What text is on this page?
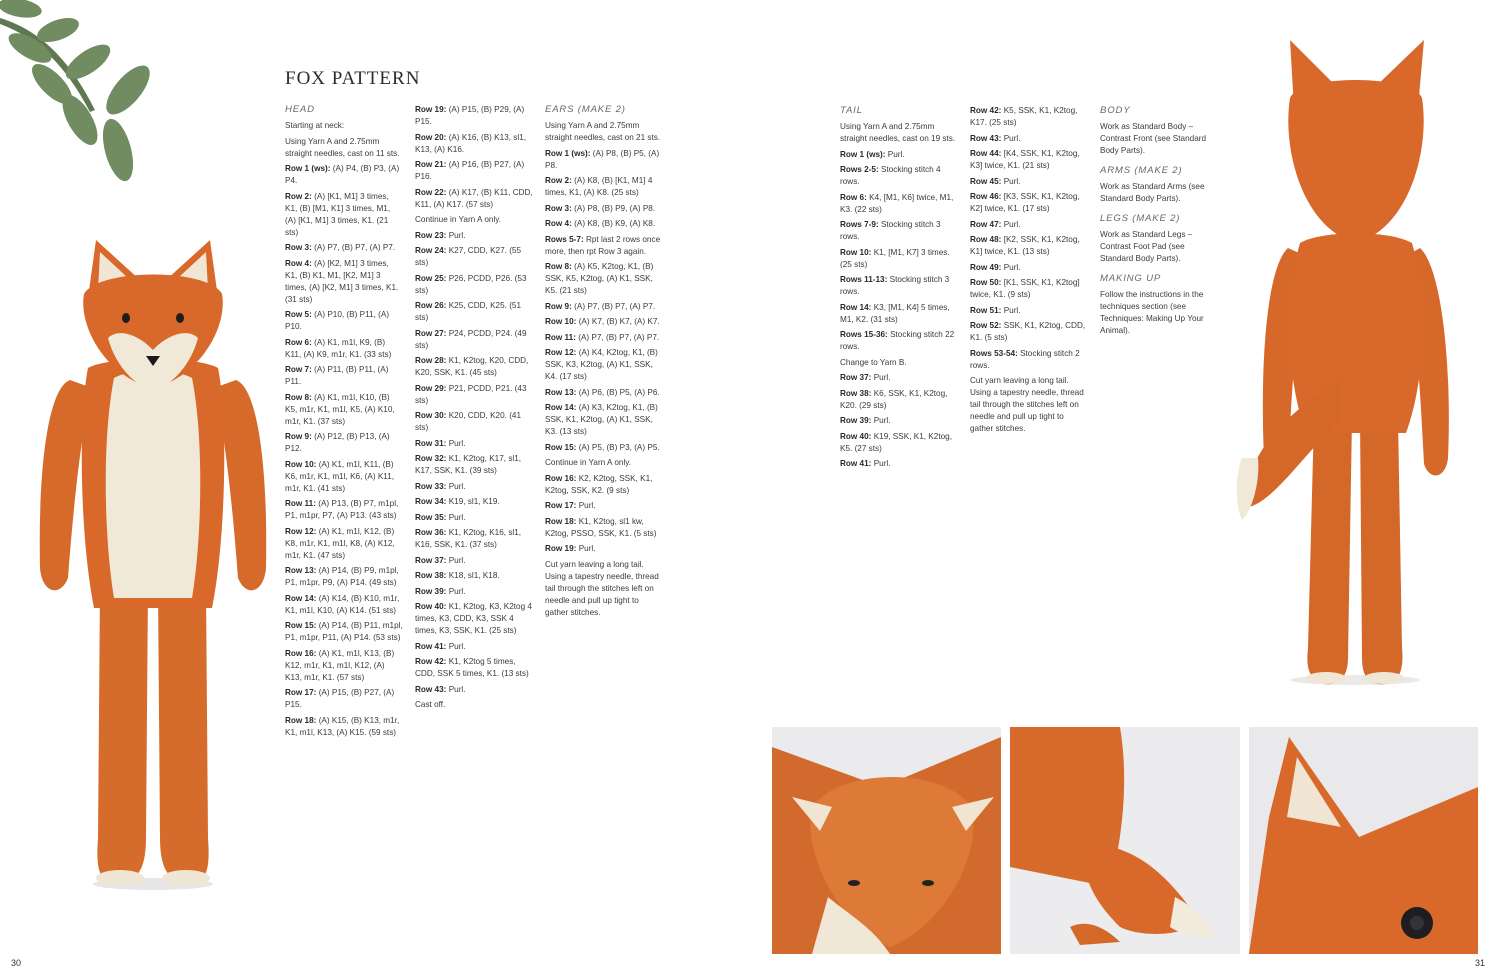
FOX PATTERN
HEAD

Starting at neck:

Using Yarn A and 2.75mm straight needles, cast on 11 sts.

Row 1 (ws): (A) P4, (B) P3, (A) P4.

Row 2: (A) [K1, M1] 3 times, K1, (B) [M1, K1] 3 times, M1, (A) [K1, M1] 3 times, K1. (21 sts)

Row 3: (A) P7, (B) P7, (A) P7.

Row 4: (A) [K2, M1] 3 times, K1, (B) K1, M1, [K2, M1] 3 times, (A) [K2, M1] 3 times, K1. (31 sts)

Row 5: (A) P10, (B) P11, (A) P10.

Row 6: (A) K1, m1l, K9, (B) K11, (A) K9, m1r, K1. (33 sts)

Row 7: (A) P11, (B) P11, (A) P11.

Row 8: (A) K1, m1l, K10, (B) K5, m1r, K1, m1l, K5, (A) K10, m1r, K1. (37 sts)

Row 9: (A) P12, (B) P13, (A) P12.

Row 10: (A) K1, m1l, K11, (B) K6, m1r, K1, m1l, K6, (A) K11, m1r, K1. (41 sts)

Row 11: (A) P13, (B) P7, m1pl, P1, m1pr, P7, (A) P13. (43 sts)

Row 12: (A) K1, m1l, K12, (B) K8, m1r, K1, m1l, K8, (A) K12, m1r, K1. (47 sts)

Row 13: (A) P14, (B) P9, m1pl, P1, m1pr, P9, (A) P14. (49 sts)

Row 14: (A) K14, (B) K10, m1r, K1, m1l, K10, (A) K14. (51 sts)

Row 15: (A) P14, (B) P11, m1pl, P1, m1pr, P11, (A) P14. (53 sts)

Row 16: (A) K1, m1l, K13, (B) K12, m1r, K1, m1l, K12, (A) K13, m1r, K1. (57 sts)

Row 17: (A) P15, (B) P27, (A) P15.

Row 18: (A) K15, (B) K13, m1r, K1, m1l, K13, (A) K15. (59 sts)

Row 19: (A) P15, (B) P29, (A) P15.

Row 20: (A) K16, (B) K13, sl1, K13, (A) K16.

Row 21: (A) P16, (B) P27, (A) P16.

Row 22: (A) K17, (B) K11, CDD, K11, (A) K17. (57 sts)

Continue in Yarn A only.

Row 23: Purl.

Row 24: K27, CDD, K27. (55 sts)

Row 25: P26, PCDD, P26. (53 sts)

Row 26: K25, CDD, K25. (51 sts)

Row 27: P24, PCDD, P24. (49 sts)

Row 28: K1, K2tog, K20, CDD, K20, SSK, K1. (45 sts)

Row 29: P21, PCDD, P21. (43 sts)

Row 30: K20, CDD, K20. (41 sts)

Row 31: Purl.

Row 32: K1, K2tog, K17, sl1, K17, SSK, K1. (39 sts)

Row 33: Purl.

Row 34: K19, sl1, K19.

Row 35: Purl.

Row 36: K1, K2tog, K16, sl1, K16, SSK, K1. (37 sts)

Row 37: Purl.

Row 38: K18, sl1, K18.

Row 39: Purl.

Row 40: K1, K2tog, K3, K2tog 4 times, K3, CDD, K3, SSK 4 times, K3, SSK, K1. (25 sts)

Row 41: Purl.

Row 42: K1, K2tog 5 times, CDD, SSK 5 times, K1. (13 sts)

Row 43: Purl.

Cast off.

EARS (MAKE 2)

Using Yarn A and 2.75mm straight needles, cast on 21 sts.

Row 1 (ws): (A) P8, (B) P5, (A) P8.

Row 2: (A) K8, (B) [K1, M1] 4 times, K1, (A) K8. (25 sts)

Row 3: (A) P8, (B) P9, (A) P8.

Row 4: (A) K8, (B) K9, (A) K8.

Rows 5-7: Rpt last 2 rows once more, then rpt Row 3 again.

Row 8: (A) K5, K2tog, K1, (B) SSK, K5, K2tog, (A) K1, SSK, K5. (21 sts)

Row 9: (A) P7, (B) P7, (A) P7.

Row 10: (A) K7, (B) K7, (A) K7.

Row 11: (A) P7, (B) P7, (A) P7.

Row 12: (A) K4, K2tog, K1, (B) SSK, K3, K2tog, (A) K1, SSK, K4. (17 sts)

Row 13: (A) P6, (B) P5, (A) P6.

Row 14: (A) K3, K2tog, K1, (B) SSK, K1, K2tog, (A) K1, SSK, K3. (13 sts)

Row 15: (A) P5, (B) P3, (A) P5.

Continue in Yarn A only.

Row 16: K2, K2tog, SSK, K1, K2tog, SSK, K2. (9 sts)

Row 17: Purl.

Row 18: K1, K2tog, sl1 kw, K2tog, PSSO, SSK, K1. (5 sts)

Row 19: Purl.

Cut yarn leaving a long tail. Using a tapestry needle, thread tail through the stitches left on needle and pull up tight to gather stitches.

TAIL

Using Yarn A and 2.75mm straight needles, cast on 19 sts.

Row 1 (ws): Purl.

Rows 2-5: Stocking stitch 4 rows.

Row 6: K4, [M1, K6] twice, M1, K3. (22 sts)

Rows 7-9: Stocking stitch 3 rows.

Row 10: K1, [M1, K7] 3 times. (25 sts)

Rows 11-13: Stocking stitch 3 rows.

Row 14: K3, [M1, K4] 5 times, M1, K2. (31 sts)

Rows 15-36: Stocking stitch 22 rows.

Change to Yarn B.

Row 37: Purl.

Row 38: K6, SSK, K1, K2tog, K20. (29 sts)

Row 39: Purl.

Row 40: K19, SSK, K1, K2tog, K5. (27 sts)

Row 41: Purl.

Row 42: K5, SSK, K1, K2tog, K17. (25 sts)

Row 43: Purl.

Row 44: [K4, SSK, K1, K2tog, K3] twice, K1. (21 sts)

Row 45: Purl.

Row 46: [K3, SSK, K1, K2tog, K2] twice, K1. (17 sts)

Row 47: Purl.

Row 48: [K2, SSK, K1, K2tog, K1] twice, K1. (13 sts)

Row 49: Purl.

Row 50: [K1, SSK, K1, K2tog] twice, K1. (9 sts)

Row 51: Purl.

Row 52: SSK, K1, K2tog, CDD, K1. (5 sts)

Rows 53-54: Stocking stitch 2 rows.

Cut yarn leaving a long tail. Using a tapestry needle, thread tail through the stitches left on needle and pull up tight to gather stitches.

BODY

Work as Standard Body – Contrast Front (see Standard Body Parts).

ARMS (MAKE 2)

Work as Standard Arms (see Standard Body Parts).

LEGS (MAKE 2)

Work as Standard Legs – Contrast Foot Pad (see Standard Body Parts).

MAKING UP

Follow the instructions in the techniques section (see Techniques: Making Up Your Animal).

30	31
